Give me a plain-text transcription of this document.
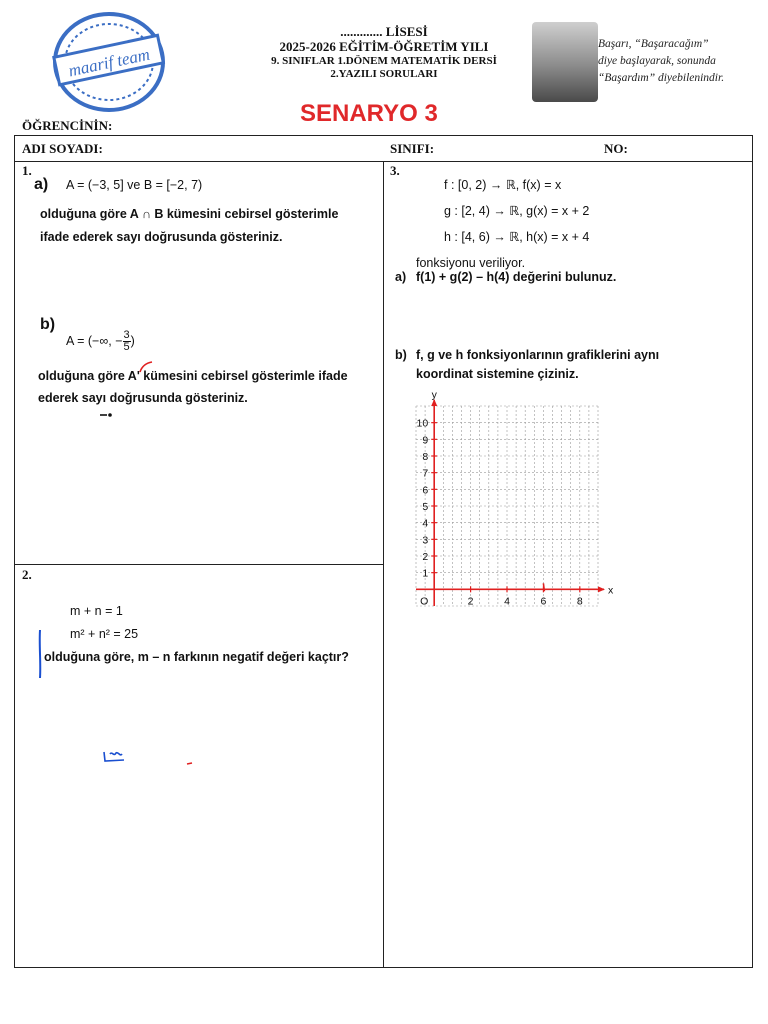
maarif team
............. LİSESİ
2025-2026 EĞİTİM-ÖĞRETİM YILI
9. SINIFLAR 1.DÖNEM MATEMATİK DERSİ
2.YAZILI SORULARI
Başarı, “Başaracağım”
diye başlayarak, sonunda
“Başardım” diyebilenindir.
SENARYO 3
ÖĞRENCİNİN:
ADI SOYADI:	SINIFI:	NO:
1.
a) A = (−3, 5] ve B = [−2, 7)
olduğuna göre A ∩ B kümesini cebirsel gösterimle
ifade ederek sayı doğrusunda gösteriniz.
b)
A = (−∞, − $\frac{3}{5}$ )
olduğuna göre A' kümesini cebirsel gösterimle ifade
ederek sayı doğrusunda gösteriniz.
2.
m + n = 1
m² + n² = 25
olduğuna göre, m – n farkının negatif değeri kaçtır?
3.
f : [0, 2) → ℝ, f(x) = x
g : [2, 4) → ℝ, g(x) = x + 2
h : [4, 6) → ℝ, h(x) = x + 4
fonksiyonu veriliyor.
a) f(1) + g(2) – h(4) değerini bulunuz.
b) f, g ve h fonksiyonlarının grafiklerini aynı
koordinat sistemine çiziniz.
2	4	6	8
1
2
3
4
5
6
7
8
9
10
O
y
x
